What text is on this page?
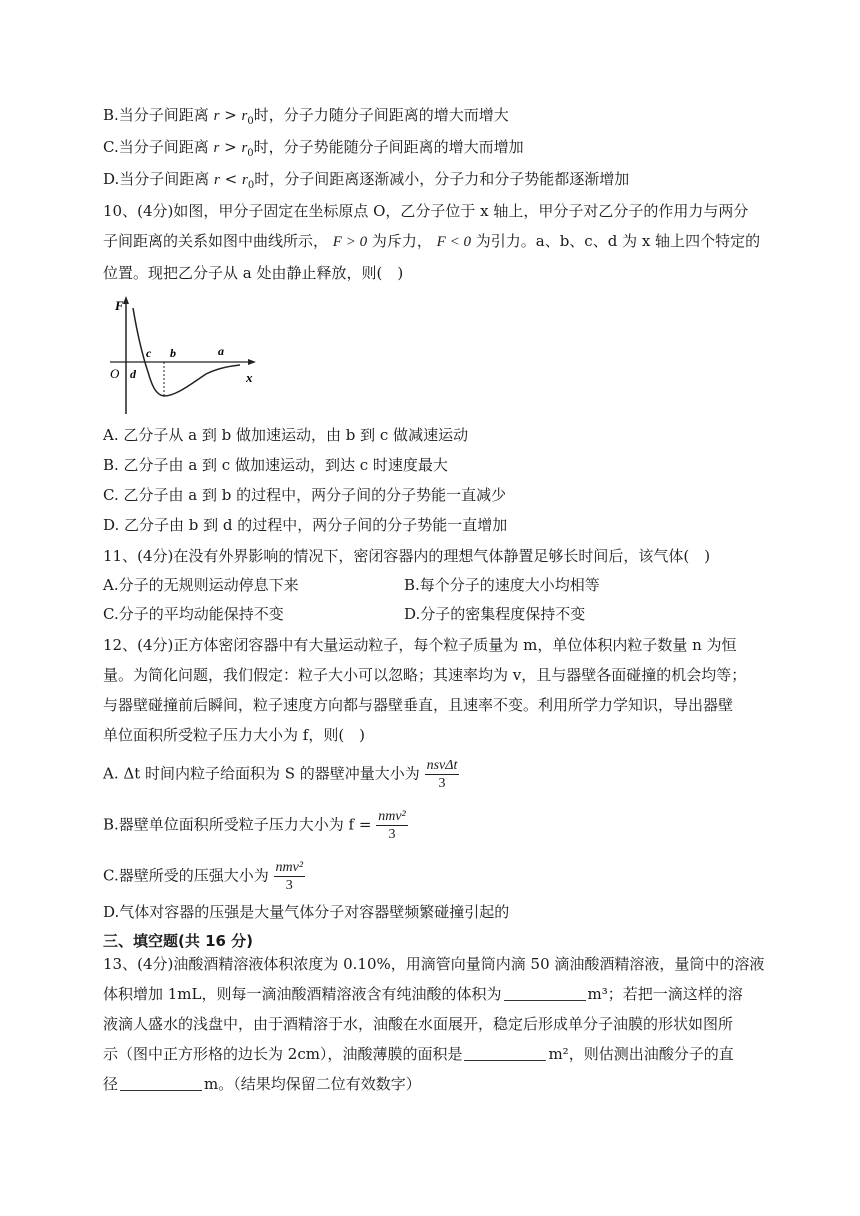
B.当分子间距离 $r > r_0$时，分子力随分子间距离的增大而增大
C.当分子间距离 $r > r_0$时，分子势能随分子间距离的增大而增加
D.当分子间距离 $r < r_0$时，分子间距离逐渐减小，分子力和分子势能都逐渐增加
10、(4分)如图，甲分子固定在坐标原点 O，乙分子位于 x 轴上，甲分子对乙分子的作用力与两分
子间距离的关系如图中曲线所示， F > 0 为斥力， F < 0 为引力。a、b、c、d 为 x 轴上四个特定的
位置。现把乙分子从 a 处由静止释放，则(　)
F
O	x
c b	a
d
A. 乙分子从 a 到 b 做加速运动，由 b 到 c 做减速运动
B. 乙分子由 a 到 c 做加速运动，到达 c 时速度最大
C. 乙分子由 a 到 b 的过程中，两分子间的分子势能一直减少
D. 乙分子由 b 到 d 的过程中，两分子间的分子势能一直增加
11、(4分)在没有外界影响的情况下，密闭容器内的理想气体静置足够长时间后，该气体(　)
A.分子的无规则运动停息下来	B.每个分子的速度大小均相等
C.分子的平均动能保持不变	D.分子的密集程度保持不变
12、(4分)正方体密闭容器中有大量运动粒子，每个粒子质量为 m，单位体积内粒子数量 n 为恒
量。为简化问题，我们假定：粒子大小可以忽略；其速率均为 v，且与器壁各面碰撞的机会均等；
与器壁碰撞前后瞬间，粒子速度方向都与器壁垂直，且速率不变。利用所学力学知识，导出器壁
单位面积所受粒子压力大小为 f，则(　)
A. Δt 时间内粒子给面积为 S 的器壁冲量大小为 $\frac{\text{nsvΔt}}{3}$
B.器壁单位面积所受粒子压力大小为 $f = \frac{\text{nmv²}}{3}$
C.器壁所受的压强大小为 $\frac{\text{nmv²}}{3}$
D.气体对容器的压强是大量气体分子对容器壁频繁碰撞引起的
三、填空题(共 16 分)
13、(4分)油酸酒精溶液体积浓度为 0.10%，用滴管向量筒内滴 50 滴油酸酒精溶液，量筒中的溶液
体积增加 1mL，则每一滴油酸酒精溶液含有纯油酸的体积为	m³；若把一滴这样的溶
液滴人盛水的浅盘中，由于酒精溶于水，油酸在水面展开，稳定后形成单分子油膜的形状如图所
示（图中正方形格的边长为 2cm），油酸薄膜的面积是	m²，则估测出油酸分子的直
径	m。（结果均保留二位有效数字）
